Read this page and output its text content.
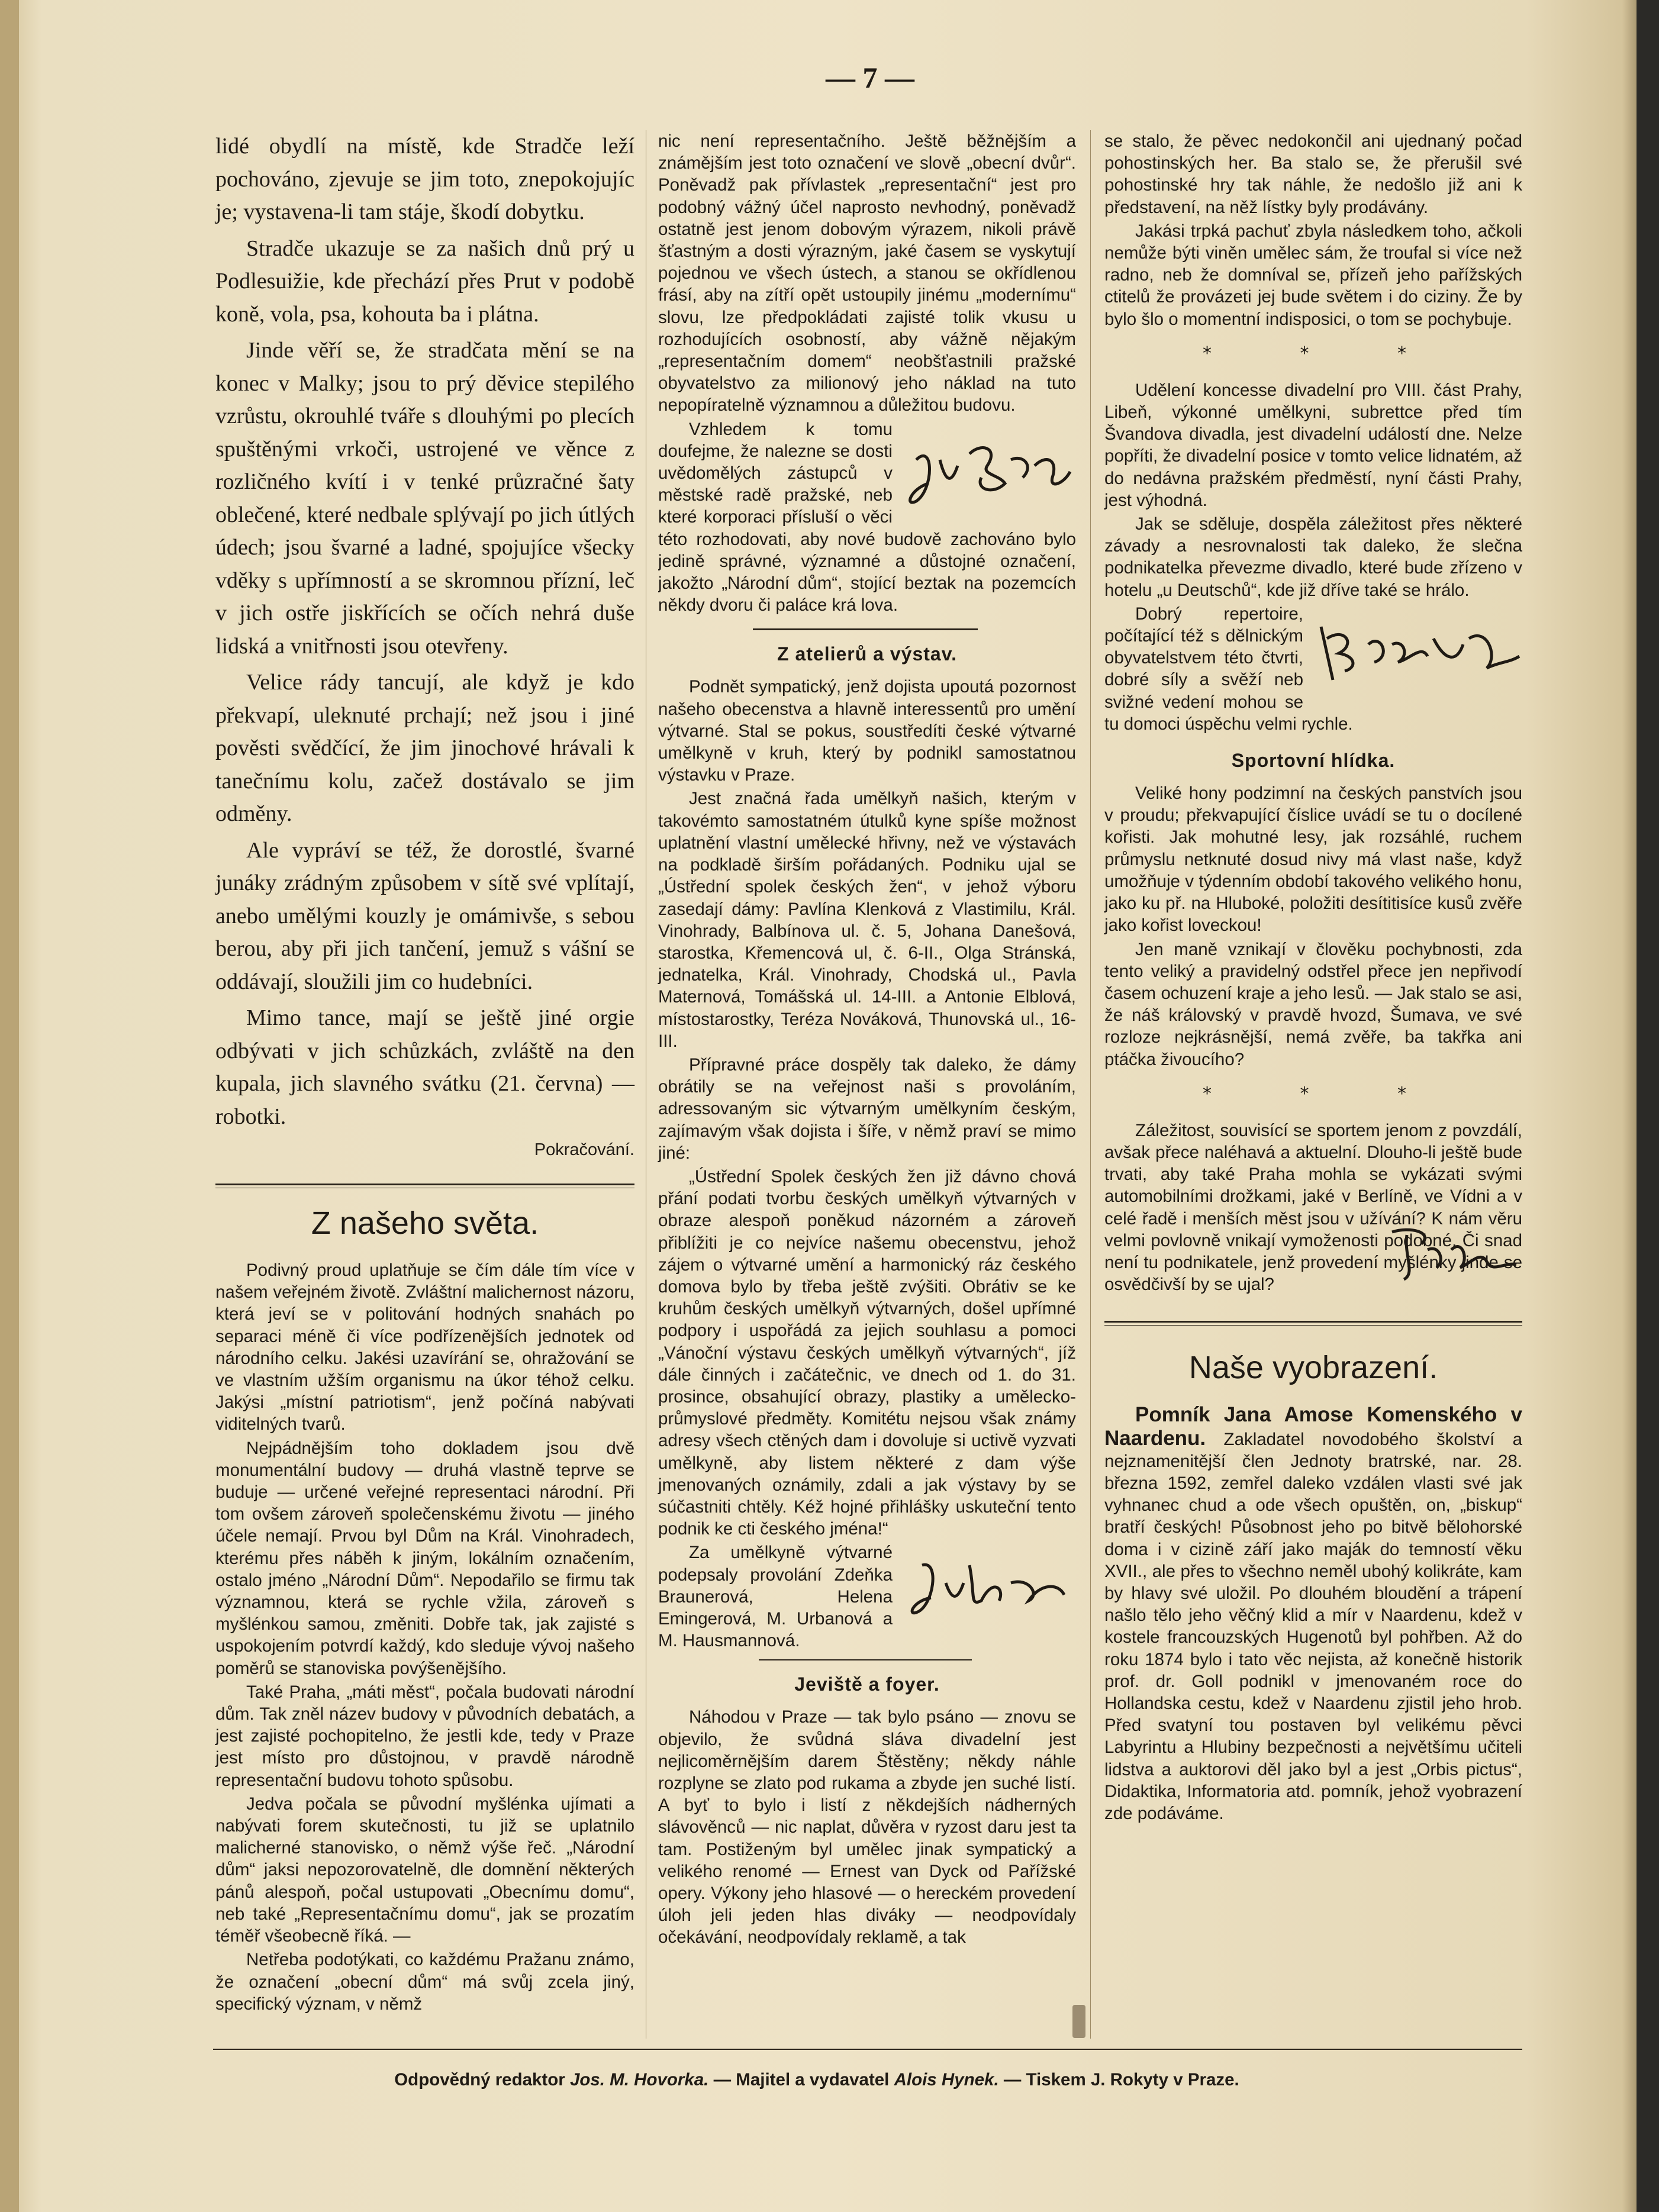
— 7 —

lidé obydlí na místě, kde Stradče leží pochováno, zjevuje se jim toto, znepokojujíc je; vystavena-li tam stáje, škodí dobytku.

Stradče ukazuje se za našich dnů prý u Podlesuižie, kde přechází přes Prut v podobě koně, vola, psa, kohouta ba i plátna.

Jinde věří se, že stradčata mění se na konec v Malky; jsou to prý děvice stepilého vzrůstu, okrouhlé tváře s dlouhými po plecích spuštěnými vrkoči, ustrojené ve věnce z rozličného kvítí i v tenké průzračné šaty oblečené, které nedbale splývají po jich útlých údech; jsou švarné a ladné, spojujíce všecky vděky s upřímností a se skromnou přízní, leč v jich ostře jiskřících se očích nehrá duše lidská a vnitřnosti jsou otevřeny.

Velice rády tancují, ale když je kdo překvapí, uleknuté prchají; než jsou i jiné pověsti svědčící, že jim jinochové hrávali k tanečnímu kolu, začež dostávalo se jim odměny.

Ale vypráví se též, že dorostlé, švarné junáky zrádným způsobem v sítě své vplítají, anebo umělými kouzly je omámivše, s sebou berou, aby při jich tančení, jemuž s vášní se oddávají, sloužili jim co hudebníci.

Mimo tance, mají se ještě jiné orgie odbývati v jich schůzkách, zvláště na den kupala, jich slavného svátku (21. června) — robotki.

Pokračování.

Z našeho světa.

Podivný proud uplatňuje se čím dále tím více v našem veřejném životě. Zvláštní malichernost názoru, která jeví se v politování hodných snahách po separaci méně či více podřízenějších jednotek od národního celku. Jakési uzavírání se, ohražování se ve vlastním užším organismu na úkor téhož celku. Jakýsi „místní patriotism“, jenž počíná nabývati viditelných tvarů.

Nejpádnějším toho dokladem jsou dvě monumentální budovy — druhá vlastně teprve se buduje — určené veřejné representaci národní. Při tom ovšem zároveň společenskému životu — jiného účele nemají. Prvou byl Dům na Král. Vinohradech, kterému přes náběh k jiným, lokálním označením, ostalo jméno „Národní Dům“. Nepodařilo se firmu tak významnou, která se rychle vžila, zároveň s myšlénkou samou, změniti. Dobře tak, jak zajisté s uspokojením potvrdí každý, kdo sleduje vývoj našeho poměrů se stanoviska povýšenějšího.

Také Praha, „máti měst“, počala budovati národní dům. Tak zněl název budovy v původních debatách, a jest zajisté pochopitelno, že jestli kde, tedy v Praze jest místo pro důstojnou, v pravdě národně representační budovu tohoto spůsobu.

Jedva počala se původní myšlénka ujímati a nabývati forem skutečnosti, tu již se uplatnilo malicherné stanovisko, o němž výše řeč. „Národní dům“ jaksi nepozorovatelně, dle domnění některých pánů alespoň, počal ustupovati „Obecnímu domu“, neb také „Representačnímu domu“, jak se prozatím téměř všeobecně říká. —

Netřeba podotýkati, co každému Pražanu známo, že označení „obecní dům“ má svůj zcela jiný, specifický význam, v němž

nic není representačního. Ještě běžnějším a známějším jest toto označení ve slově „obecní dvůr“. Poněvadž pak přívlastek „representační“ jest pro podobný vážný účel naprosto nevhodný, poněvadž ostatně jest jenom dobovým výrazem, nikoli právě šťastným a dosti výrazným, jaké časem se vyskytují pojednou ve všech ústech, a stanou se okřídlenou frásí, aby na zítří opět ustoupily jinému „modernímu“ slovu, lze předpokládati zajisté tolik vkusu u rozhodujících osobností, aby vážně nějakým „representačním domem“ neobšťastnili pražské obyvatelstvo za milionový jeho náklad na tuto nepopíratelně významnou a důležitou budovu.

Vzhledem k tomu doufejme, že nalezne se dosti uvědomělých zástupců v městské radě pražské, neb které korporaci přísluší o věci této rozhodovati, aby nové budově zachováno bylo jedině správné, významné a důstojné označení, jakožto „Národní dům“, stojící beztak na pozemcích někdy dvoru či paláce krá lova.

Z atelierů a výstav.

Podnět sympatický, jenž dojista upoutá pozornost našeho obecenstva a hlavně interessentů pro umění výtvarné. Stal se pokus, soustředíti české výtvarné umělkyně v kruh, který by podnikl samostatnou výstavku v Praze.

Jest značná řada umělkyň našich, kterým v takovémto samostatném útulků kyne spíše možnost uplatnění vlastní umělecké hřivny, než ve výstavách na podkladě širším pořádaných. Podniku ujal se „Ústřední spolek českých žen“, v jehož výboru zasedají dámy: Pavlína Klenková z Vlastimilu, Král. Vinohrady, Balbínova ul. č. 5, Johana Danešová, starostka, Křemencová ul, č. 6-II., Olga Stránská, jednatelka, Král. Vinohrady, Chodská ul., Pavla Maternová, Tomášská ul. 14-III. a Antonie Elblová, místostarostky, Teréza Nováková, Thunovská ul., 16-III.

Přípravné práce dospěly tak daleko, že dámy obrátily se na veřejnost naši s provoláním, adressovaným sic výtvarným umělkyním českým, zajímavým však dojista i šíře, v němž praví se mimo jiné:

„Ústřední Spolek českých žen již dávno chová přání podati tvorbu českých umělkyň výtvarných v obraze alespoň poněkud názorném a zároveň přiblížiti je co nejvíce našemu obecenstvu, jehož zájem o výtvarné umění a harmonický ráz českého domova bylo by třeba ještě zvýšiti. Obrátiv se ke kruhům českých umělkyň výtvarných, došel upřímné podpory i uspořádá za jejich souhlasu a pomoci „Vánoční výstavu českých umělkyň výtvarných“, jíž dále činných i začátečnic, ve dnech od 1. do 31. prosince, obsahující obrazy, plastiky a umělecko-průmyslové předměty. Komitétu nejsou však známy adresy všech ctěných dam i dovoluje si uctivě vyzvati umělkyně, aby listem některé z dam výše jmenovaných oznámily, zdali a jak výstavy by se súčastniti chtěly. Kéž hojné přihlášky uskuteční tento podnik ke cti českého jména!“

Za umělkyně výtvarné podepsaly provolání Zdeňka Braunerová, Helena Emingerová, M. Urbanová a M. Hausmannová.

Jeviště a foyer.

Náhodou v Praze — tak bylo psáno — znovu se objevilo, že svůdná sláva divadelní jest nejlicoměrnějším darem Štěstěny; někdy náhle rozplyne se zlato pod rukama a zbyde jen suché listí. A byť to bylo i listí z někdejších nádherných slávověnců — nic naplat, důvěra v ryzost daru jest ta tam. Postiženým byl umělec jinak sympatický a velikého renomé — Ernest van Dyck od Pařížské opery. Výkony jeho hlasové — o hereckém provedení úloh jeli jeden hlas diváky — neodpovídaly očekávání, neodpovídaly reklamě, a tak

se stalo, že pěvec nedokončil ani ujednaný počad pohostinských her. Ba stalo se, že přerušil své pohostinské hry tak náhle, že nedošlo již ani k představení, na něž lístky byly prodávány.

Jakási trpká pachuť zbyla následkem toho, ačkoli nemůže býti viněn umělec sám, že troufal si více než radno, neb že domníval se, přízeň jeho pařížských ctitelů že provázeti jej bude světem i do ciziny. Že by bylo šlo o momentní indisposici, o tom se pochybuje.

* * *

Udělení koncesse divadelní pro VIII. část Prahy, Libeň, výkonné umělkyni, subrettce před tím Švandova divadla, jest divadelní událostí dne. Nelze popříti, že divadelní posice v tomto velice lidnatém, až do nedávna pražském předměstí, nyní části Prahy, jest výhodná.

Jak se sděluje, dospěla záležitost přes některé závady a nesrovnalosti tak daleko, že slečna podnikatelka převezme divadlo, které bude zřízeno v hotelu „u Deutschů“, kde již dříve také se hrálo.

Dobrý repertoire, počítající též s dělnickým obyvatelstvem této čtvrti, dobré síly a svěží neb svižné vedení mohou se tu domoci úspěchu velmi rychle.

Sportovní hlídka.

Veliké hony podzimní na českých panstvích jsou v proudu; překvapující číslice uvádí se tu o docílené kořisti. Jak mohutné lesy, jak rozsáhlé, ruchem průmyslu netknuté dosud nivy má vlast naše, když umožňuje v týdenním období takového velikého honu, jako ku př. na Hluboké, položiti desítitisíce kusů zvěře jako kořist loveckou!

Jen maně vznikají v člověku pochybnosti, zda tento veliký a pravidelný odstřel přece jen nepřivodí časem ochuzení kraje a jeho lesů. — Jak stalo se asi, že náš královský v pravdě hvozd, Šumava, ve své rozloze nejkrásnější, nemá zvěře, ba takřka ani ptáčka živoucího?

* * *

Záležitost, souvisící se sportem jenom z povzdálí, avšak přece naléhavá a aktuelní. Dlouho-li ještě bude trvati, aby také Praha mohla se vykázati svými automobilními drožkami, jaké v Berlíně, ve Vídni a v celé řadě i menších měst jsou v užívání? K nám věru velmi povlovně vnikají vymoženosti podobné. Či snad není tu podnikatele, jenž provedení myšlénky jinde se osvědčivší by se ujal?

Naše vyobrazení.

Pomník Jana Amose Komenského v Naardenu. Zakladatel novodobého školství a nejznamenitější člen Jednoty bratrské, nar. 28. března 1592, zemřel daleko vzdálen vlasti své jak vyhnanec chud a ode všech opuštěn, on, „biskup“ bratří českých! Působnost jeho po bitvě bělohorské doma i v cizině září jako maják do temností věku XVII., ale přes to všechno neměl ubohý kolikráte, kam by hlavy své uložil. Po dlouhém bloudění a trápení našlo tělo jeho věčný klid a mír v Naardenu, kdež v kostele francouzských Hugenotů byl pohřben. Až do roku 1874 bylo i tato věc nejista, až konečně historik prof. dr. Goll podnikl v jmenovaném roce do Hollandska cestu, kdež v Naardenu zjistil jeho hrob. Před svatyní tou postaven byl velikému pěvci Labyrintu a Hlubiny bezpečnosti a největšímu učiteli lidstva a auktorovi děl jako byl a jest „Orbis pictus“, Didaktika, Informatoria atd. pomník, jehož vyobrazení zde podáváme.

Odpovědný redaktor Jos. M. Hovorka. — Majitel a vydavatel Alois Hynek. — Tiskem J. Rokyty v Praze.
